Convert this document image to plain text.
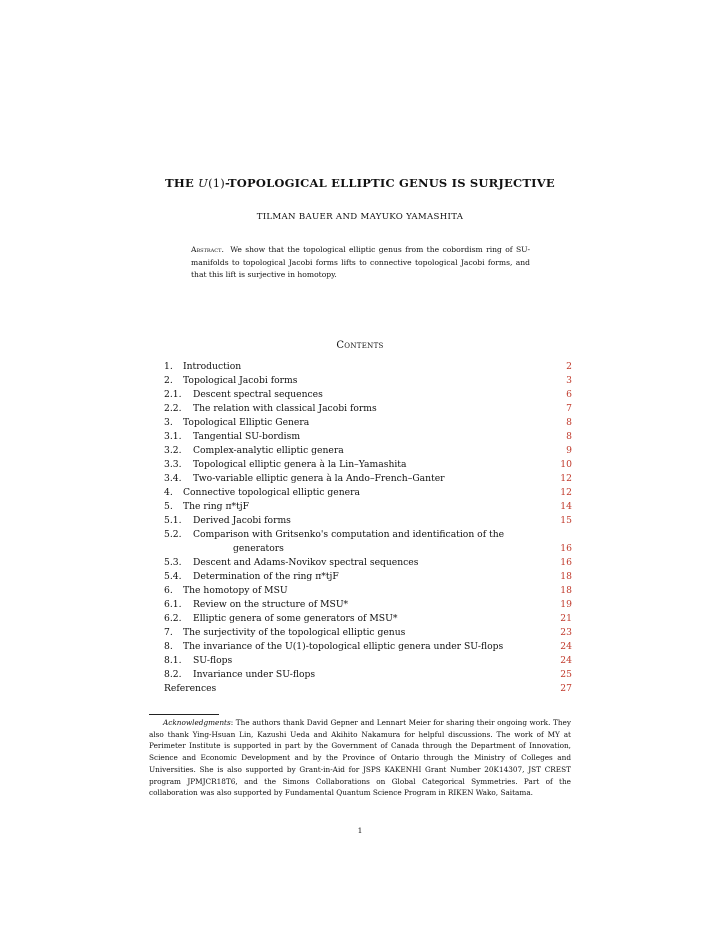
THE U(1)-TOPOLOGICAL ELLIPTIC GENUS IS SURJECTIVE
TILMAN BAUER AND MAYUKO YAMASHITA
Abstract. We show that the topological elliptic genus from the cobordism ring of SU-manifolds to topological Jacobi forms lifts to connective topological Jacobi forms, and that this lift is surjective in homotopy.
Contents
1. Introduction	2
2. Topological Jacobi forms	3
2.1. Descent spectral sequences	6
2.2. The relation with classical Jacobi forms	7
3. Topological Elliptic Genera	8
3.1. Tangential SU-bordism	8
3.2. Complex-analytic elliptic genera	9
3.3. Topological elliptic genera à la Lin–Yamashita	10
3.4. Two-variable elliptic genera à la Ando–French–Ganter	12
4. Connective topological elliptic genera	12
5. The ring π*tjF	14
5.1. Derived Jacobi forms	15
5.2. Comparison with Gritsenko's computation and identification of the
generators	16
5.3. Descent and Adams-Novikov spectral sequences	16
5.4. Determination of the ring π*tjF	18
6. The homotopy of MSU	18
6.1. Review on the structure of MSU*	19
6.2. Elliptic genera of some generators of MSU*	21
7. The surjectivity of the topological elliptic genus	23
8. The invariance of the U(1)-topological elliptic genera under SU-flops	24
8.1. SU-flops	24
8.2. Invariance under SU-flops	25
References	27
Acknowledgments: The authors thank David Gepner and Lennart Meier for sharing their ongoing work. They also thank Ying-Hsuan Lin, Kazushi Ueda and Akihito Nakamura for helpful discussions. The work of MY at Perimeter Institute is supported in part by the Government of Canada through the Department of Innovation, Science and Economic Development and by the Province of Ontario through the Ministry of Colleges and Universities. She is also supported by Grant-in-Aid for JSPS KAKENHI Grant Number 20K14307, JST CREST program JPMJCR18T6, and the Simons Collaborations on Global Categorical Symmetries. Part of the collaboration was also supported by Fundamental Quantum Science Program in RIKEN Wako, Saitama.
1
